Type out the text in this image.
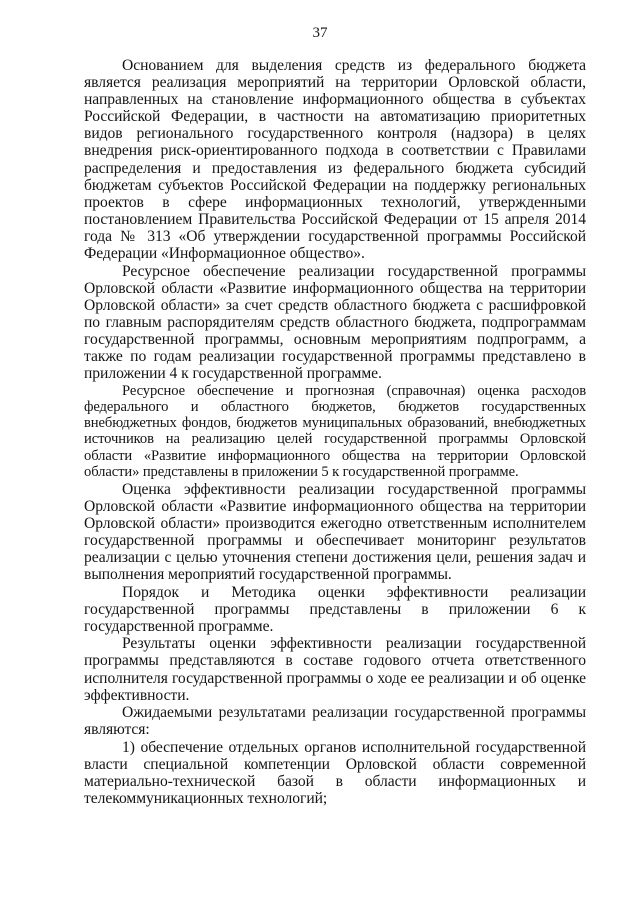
37

Основанием для выделения средств из федерального бюджета является реализация мероприятий на территории Орловской области, направленных на становление информационного общества в субъектах Российской Федерации, в частности на автоматизацию приоритетных видов регионального государственного контроля (надзора) в целях внедрения риск-ориентированного подхода в соответствии с Правилами распределения и предоставления из федерального бюджета субсидий бюджетам субъектов Российской Федерации на поддержку региональных проектов в сфере информационных технологий, утвержденными постановлением Правительства Российской Федерации от 15 апреля 2014 года № 313 «Об утверждении государственной программы Российской Федерации «Информационное общество».

Ресурсное обеспечение реализации государственной программы Орловской области «Развитие информационного общества на территории Орловской области» за счет средств областного бюджета с расшифровкой по главным распорядителям средств областного бюджета, подпрограммам государственной программы, основным мероприятиям подпрограмм, а также по годам реализации государственной программы представлено в приложении 4 к государственной программе.

Ресурсное обеспечение и прогнозная (справочная) оценка расходов федерального и областного бюджетов, бюджетов государственных внебюджетных фондов, бюджетов муниципальных образований, внебюджетных источников на реализацию целей государственной программы Орловской области «Развитие информационного общества на территории Орловской области» представлены в приложении 5 к государственной программе.

Оценка эффективности реализации государственной программы Орловской области «Развитие информационного общества на территории Орловской области» производится ежегодно ответственным исполнителем государственной программы и обеспечивает мониторинг результатов реализации с целью уточнения степени достижения цели, решения задач и выполнения мероприятий государственной программы.

Порядок и Методика оценки эффективности реализации государственной программы представлены в приложении 6 к государственной программе.

Результаты оценки эффективности реализации государственной программы представляются в составе годового отчета ответственного исполнителя государственной программы о ходе ее реализации и об оценке эффективности.

Ожидаемыми результатами реализации государственной программы являются:

1) обеспечение отдельных органов исполнительной государственной власти специальной компетенции Орловской области современной материально-технической базой в области информационных и телекоммуникационных технологий;
